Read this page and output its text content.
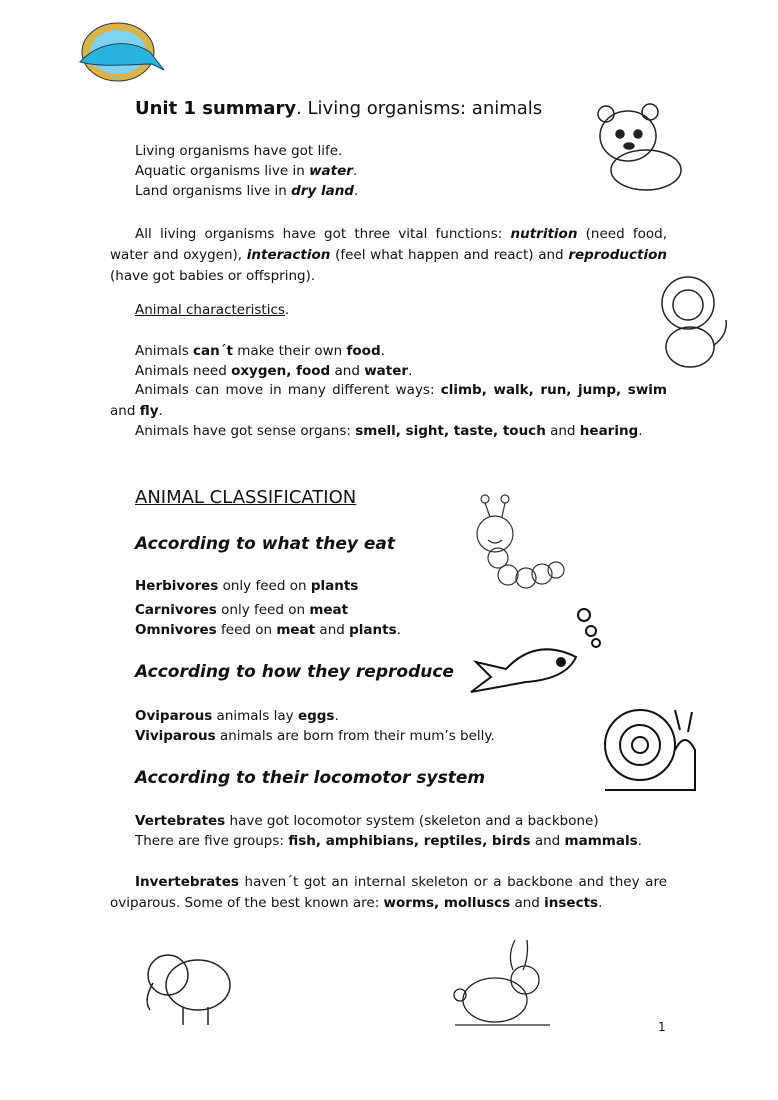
Unit 1 summary. Living organisms: animals
Living organisms have got life.
Aquatic organisms live in water.
Land organisms live in dry land.
All living organisms have got three vital functions: nutrition (need food, water and oxygen), interaction (feel what happen and react) and reproduction (have got babies or offspring).
Animal characteristics.
Animals can´t make their own food.
Animals need oxygen, food and water.
Animals can move in many different ways: climb, walk, run, jump, swim and fly.
Animals have got sense organs: smell, sight, taste, touch and hearing.
ANIMAL CLASSIFICATION
According to what they eat
Herbivores only feed on plants
Carnivores only feed on meat
Omnivores feed on meat and plants.
According to how they reproduce
Oviparous animals lay eggs.
Viviparous animals are born from their mum’s belly.
According to their locomotor system
Vertebrates have got locomotor system (skeleton and a backbone)
There are five groups: fish, amphibians, reptiles, birds and mammals.
Invertebrates haven´t got an internal skeleton or a backbone and they are oviparous. Some of the best known are: worms, molluscs and insects.
1
